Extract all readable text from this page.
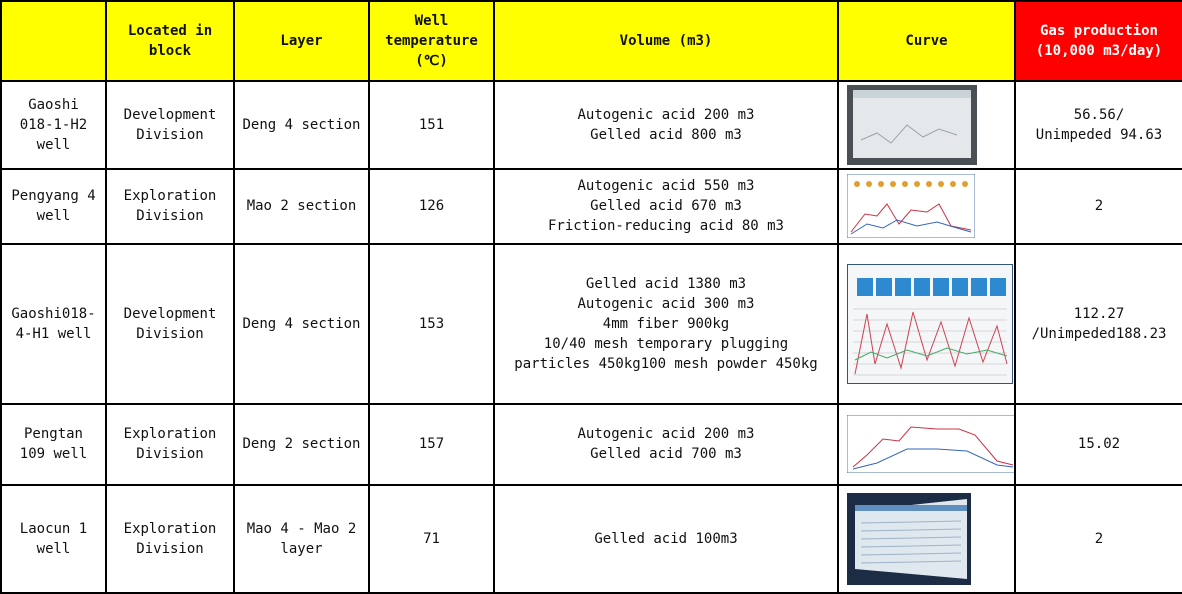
	Located in
block	Layer	Well
temperature
(℃)	Volume (m3)	Curve	Gas production
(10,000 m3/day)

Gaoshi
018-1-H2
well	Development
Division	Deng 4 section	151	Autogenic acid 200 m3
Gelled acid 800 m3		56.56/
Unimpeded 94.63

Pengyang 4
well	Exploration
Division	Mao 2 section	126	Autogenic acid 550 m3
Gelled acid 670 m3
Friction-reducing acid 80 m3		2

Gaoshi018-
4-H1 well	Development
Division	Deng 4 section	153	Gelled acid 1380 m3
Autogenic acid 300 m3
4mm fiber 900kg
10/40 mesh temporary plugging
particles 450kg100 mesh powder 450kg		112.27
/Unimpeded188.23

Pengtan
109 well	Exploration
Division	Deng 2 section	157	Autogenic acid 200 m3
Gelled acid 700 m3		15.02

Laocun 1
well	Exploration
Division	Mao 4 - Mao 2
layer	71	Gelled acid 100m3		2
